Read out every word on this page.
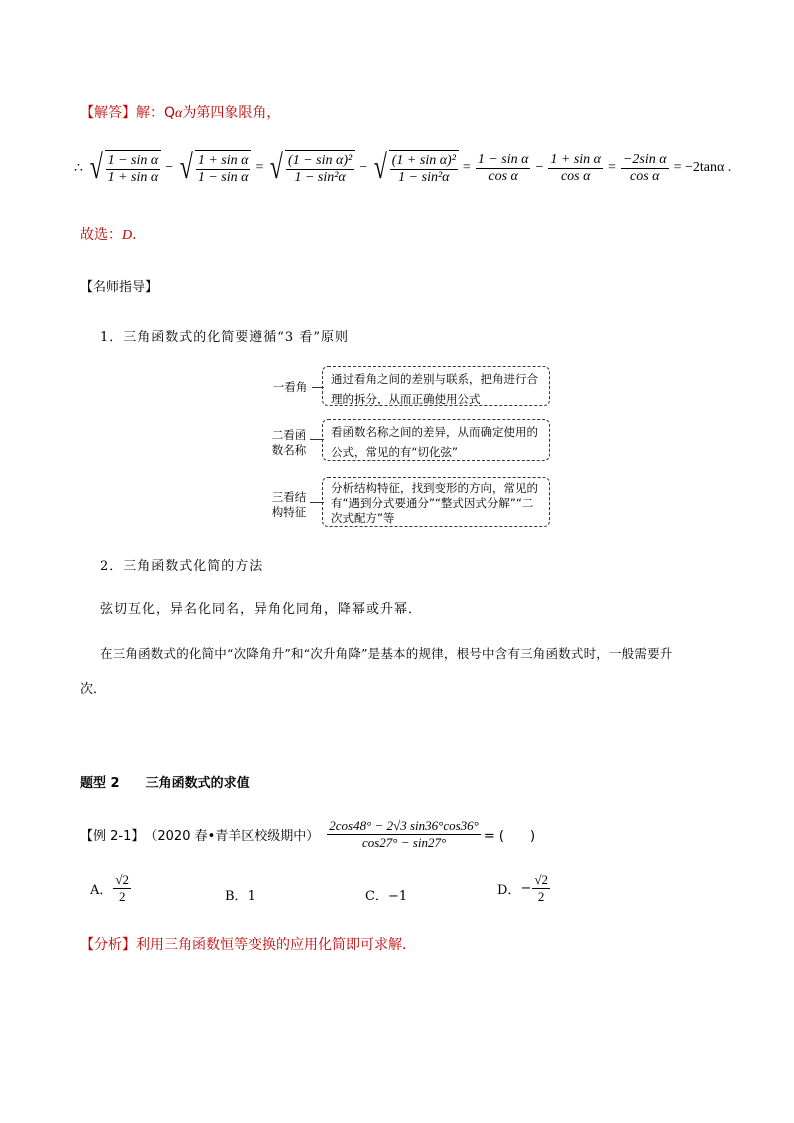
【解答】解：Qα为第四象限角，
∴ √ $\frac{\text{1 − sin α}}{\text{1 + sin α}}$ − √ $\frac{\text{1 + sin α}}{\text{1 − sin α}}$ = √ $\frac{\text{(1 − sin α)²}}{\text{1 − sin²α}}$ − √ $\frac{\text{(1 + sin α)²}}{\text{1 − sin²α}} = \frac{\text{1 − sin α}}{\text{cos α}} - \frac{\text{1 + sin α}}{\text{cos α}} = \frac{\text{−2sin α}}{\text{cos α}} = -2\tan\alpha$ .
故选：D.
【名师指导】
1．三角函数式的化简要遵循“3 看”原则
一看角
通过看角之间的差别与联系，把角进行合理的拆分，从而正确使用公式
二看函数名称
看函数名称之间的差异，从而确定使用的公式，常见的有“切化弦”
三看结构特征
分析结构特征，找到变形的方向，常见的有“遇到分式要通分”“整式因式分解”“二次式配方”等
2．三角函数式化简的方法
弦切互化，异名化同名，异角化同角，降幂或升幂．
在三角函数式的化简中“次降角升”和“次升角降”是基本的规律，根号中含有三角函数式时，一般需要升
次．
题型 2　　三角函数式的求值
【例 2-1】 （2020 春•青羊区校级期中） $\frac{2\cos 48^\circ - 2√3 \sin 36^\circ\cos 36^\circ}{\cos 27^\circ - \sin 27^\circ}$ = (　　)
A． $\frac{√2}{2}$	B．1	C．−1	D． − $\frac{√2}{2}$
【分析】利用三角函数恒等变换的应用化简即可求解．
